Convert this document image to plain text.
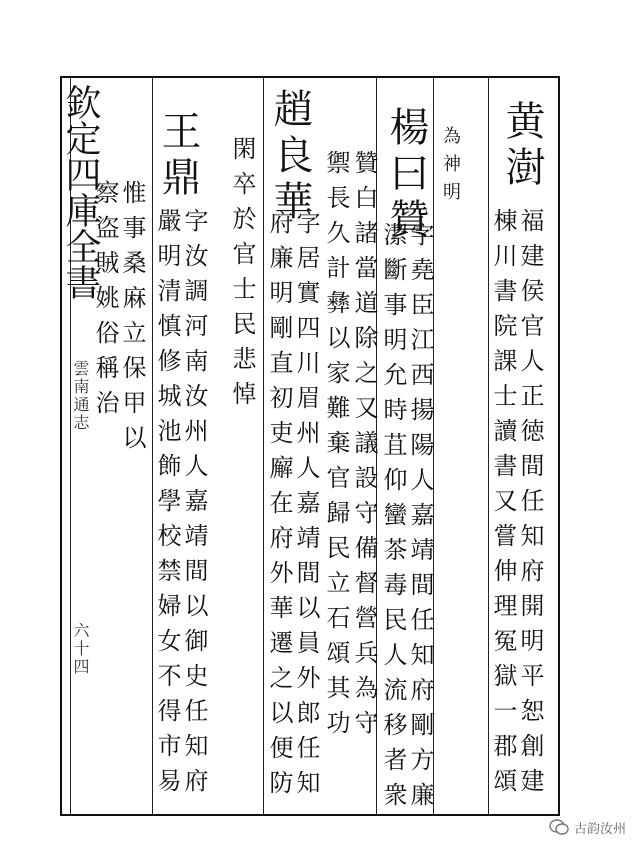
欽定四庫全書
雲南通志
六十四
黄澍
福建侯官人正徳間任知府開明平恕創建
棟川書院課士讀書又嘗伸理冤獄一郡頌
為神明
楊曰贊
字堯臣江西揚陽人嘉靖間任知府剛方廉
潔斷事明允時苴仰蠻茶毒民人流移者衆
贊白諸當道除之又議設守備督營兵為守
禦長久計彝以家難棄官歸民立石頌其功
趙良華
字居實四川眉州人嘉靖間以員外郎任知
府廉明剛直初吏廨在府外華遷之以便防
閑卒於官士民悲悼
王鼎
字汝調河南汝州人嘉靖間以御史任知府
嚴明清慎修城池飾學校禁婦女不得市易
惟事桑麻立保甲以
察盜賊姚俗稱治
古韵汝州
